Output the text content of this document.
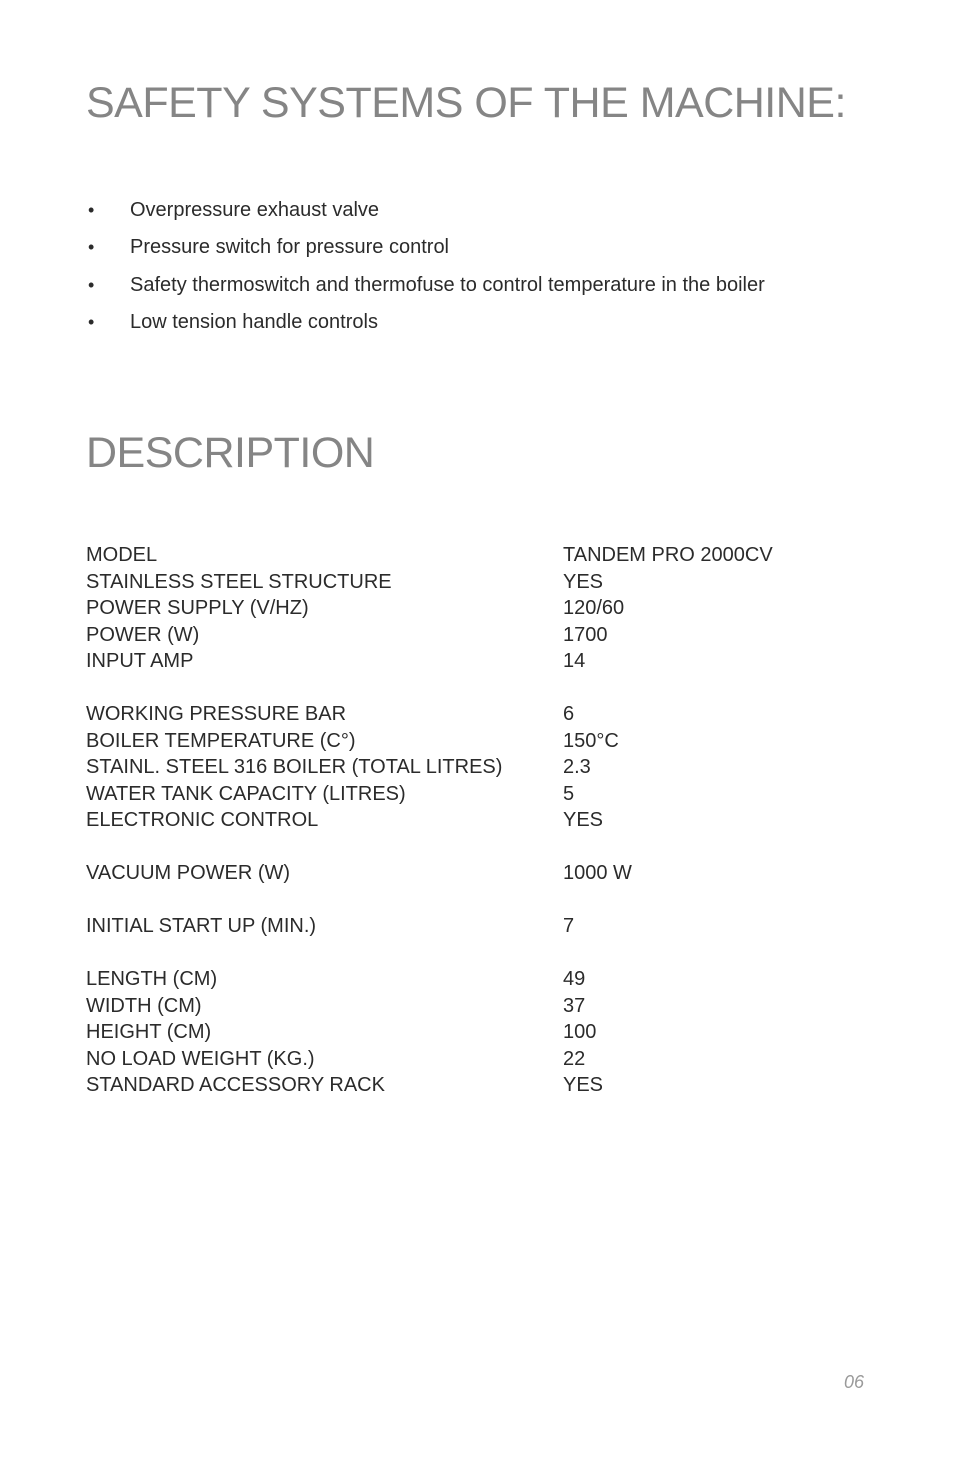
SAFETY SYSTEMS OF THE MACHINE:
• Overpressure exhaust valve
• Pressure switch for pressure control
• Safety thermoswitch and thermofuse to control temperature in the boiler
• Low tension handle controls
DESCRIPTION
MODEL	TANDEM PRO 2000CV
STAINLESS STEEL STRUCTURE	YES
POWER SUPPLY (V/HZ)	120/60
POWER (W)	1700
INPUT AMP	14
WORKING PRESSURE BAR	6
BOILER TEMPERATURE (C°)	150°C
STAINL. STEEL 316 BOILER (TOTAL LITRES)	2.3
WATER TANK CAPACITY (LITRES)	5
ELECTRONIC CONTROL	YES
VACUUM POWER (W)	1000 W
INITIAL START UP (MIN.)	7
LENGTH (CM)	49
WIDTH (CM)	37
HEIGHT (CM)	100
NO LOAD WEIGHT (KG.)	22
STANDARD ACCESSORY RACK	YES
06
